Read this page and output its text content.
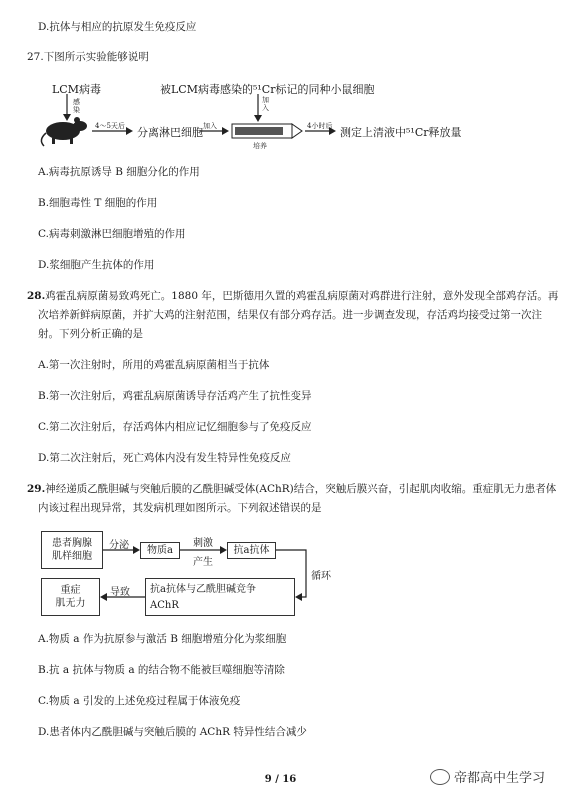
D.抗体与相应的抗原发生免疫反应
27.下图所示实验能够说明
LCM病毒
感染
4～5天后 分离淋巴细胞 加入
被LCM病毒感染的⁵¹Cr标记的同种小鼠细胞
加入
培养
4小时后 测定上清液中⁵¹Cr释放量
A.病毒抗原诱导 B 细胞分化的作用
B.细胞毒性 T 细胞的作用
C.病毒刺激淋巴细胞增殖的作用
D.浆细胞产生抗体的作用
28.鸡霍乱病原菌易致鸡死亡。1880 年，巴斯德用久置的鸡霍乱病原菌对鸡群进行注射，意外发现全部鸡存活。再
次培养新鲜病原菌，并扩大鸡的注射范围，结果仅有部分鸡存活。进一步调查发现，存活鸡均接受过第一次注
射。下列分析正确的是
A.第一次注射时，所用的鸡霍乱病原菌相当于抗体
B.第一次注射后，鸡霍乱病原菌诱导存活鸡产生了抗性变异
C.第二次注射后，存活鸡体内相应记忆细胞参与了免疫反应
D.第二次注射后，死亡鸡体内没有发生特异性免疫反应
29.神经递质乙酰胆碱与突触后膜的乙酰胆碱受体(AChR)结合，突触后膜兴奋，引起肌肉收缩。重症肌无力患者体
内该过程出现异常，其发病机理如图所示。下列叙述错误的是
患者胸腺
肌样细胞
分泌	物质a
刺激
产生
抗a抗体
循环
抗a抗体与乙酰胆碱竞争
AChR
导致
重症
肌无力
A.物质 a 作为抗原参与激活 B 细胞增殖分化为浆细胞
B.抗 a 抗体与物质 a 的结合物不能被巨噬细胞等清除
C.物质 a 引发的上述免疫过程属于体液免疫
D.患者体内乙酰胆碱与突触后膜的 AChR 特异性结合减少
9 / 16	帝都高中生学习
